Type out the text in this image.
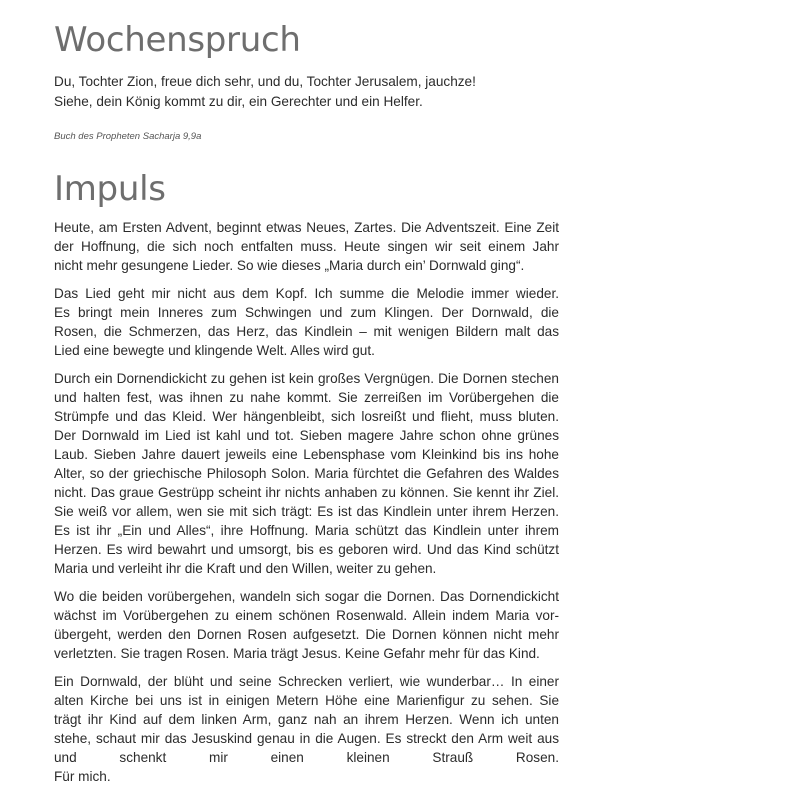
Wochenspruch

Du, Tochter Zion, freue dich sehr, und du, Tochter Jerusalem, jauchze!
Siehe, dein König kommt zu dir, ein Gerechter und ein Helfer.

Buch des Propheten Sacharja 9,9a

Impuls

Heute, am Ersten Advent, beginnt etwas Neues, Zartes. Die Adventszeit. Eine Zeit
der Hoffnung, die sich noch entfalten muss. Heute singen wir seit einem Jahr
nicht mehr gesungene Lieder. So wie dieses „Maria durch ein’ Dornwald ging“.

Das Lied geht mir nicht aus dem Kopf. Ich summe die Melodie immer wieder.
Es bringt mein Inneres zum Schwingen und zum Klingen. Der Dornwald, die
Rosen, die Schmerzen, das Herz, das Kindlein – mit wenigen Bildern malt das
Lied eine bewegte und klingende Welt. Alles wird gut.

Durch ein Dornendickicht zu gehen ist kein großes Vergnügen. Die Dornen stechen
und halten fest, was ihnen zu nahe kommt. Sie zerreißen im Vorübergehen die
Strümpfe und das Kleid. Wer hängenbleibt, sich losreißt und flieht, muss bluten.
Der Dornwald im Lied ist kahl und tot. Sieben magere Jahre schon ohne grünes
Laub. Sieben Jahre dauert jeweils eine Lebensphase vom Kleinkind bis ins hohe
Alter, so der griechische Philosoph Solon. Maria fürchtet die Gefahren des Waldes
nicht. Das graue Gestrüpp scheint ihr nichts anhaben zu können. Sie kennt ihr Ziel.
Sie weiß vor allem, wen sie mit sich trägt: Es ist das Kindlein unter ihrem Herzen.
Es ist ihr „Ein und Alles“, ihre Hoffnung. Maria schützt das Kindlein unter ihrem
Herzen. Es wird bewahrt und umsorgt, bis es geboren wird. Und das Kind schützt
Maria und verleiht ihr die Kraft und den Willen, weiter zu gehen.

Wo die beiden vorübergehen, wandeln sich sogar die Dornen. Das Dornendickicht
wächst im Vorübergehen zu einem schönen Rosenwald. Allein indem Maria vor-
übergeht, werden den Dornen Rosen aufgesetzt. Die Dornen können nicht mehr
verletzten. Sie tragen Rosen. Maria trägt Jesus. Keine Gefahr mehr für das Kind.

Ein Dornwald, der blüht und seine Schrecken verliert, wie wunderbar… In einer
alten Kirche bei uns ist in einigen Metern Höhe eine Marienfigur zu sehen. Sie
trägt ihr Kind auf dem linken Arm, ganz nah an ihrem Herzen. Wenn ich unten
stehe, schaut mir das Jesuskind genau in die Augen. Es streckt den Arm weit aus
und schenkt mir einen kleinen Strauß Rosen.
Für mich.
